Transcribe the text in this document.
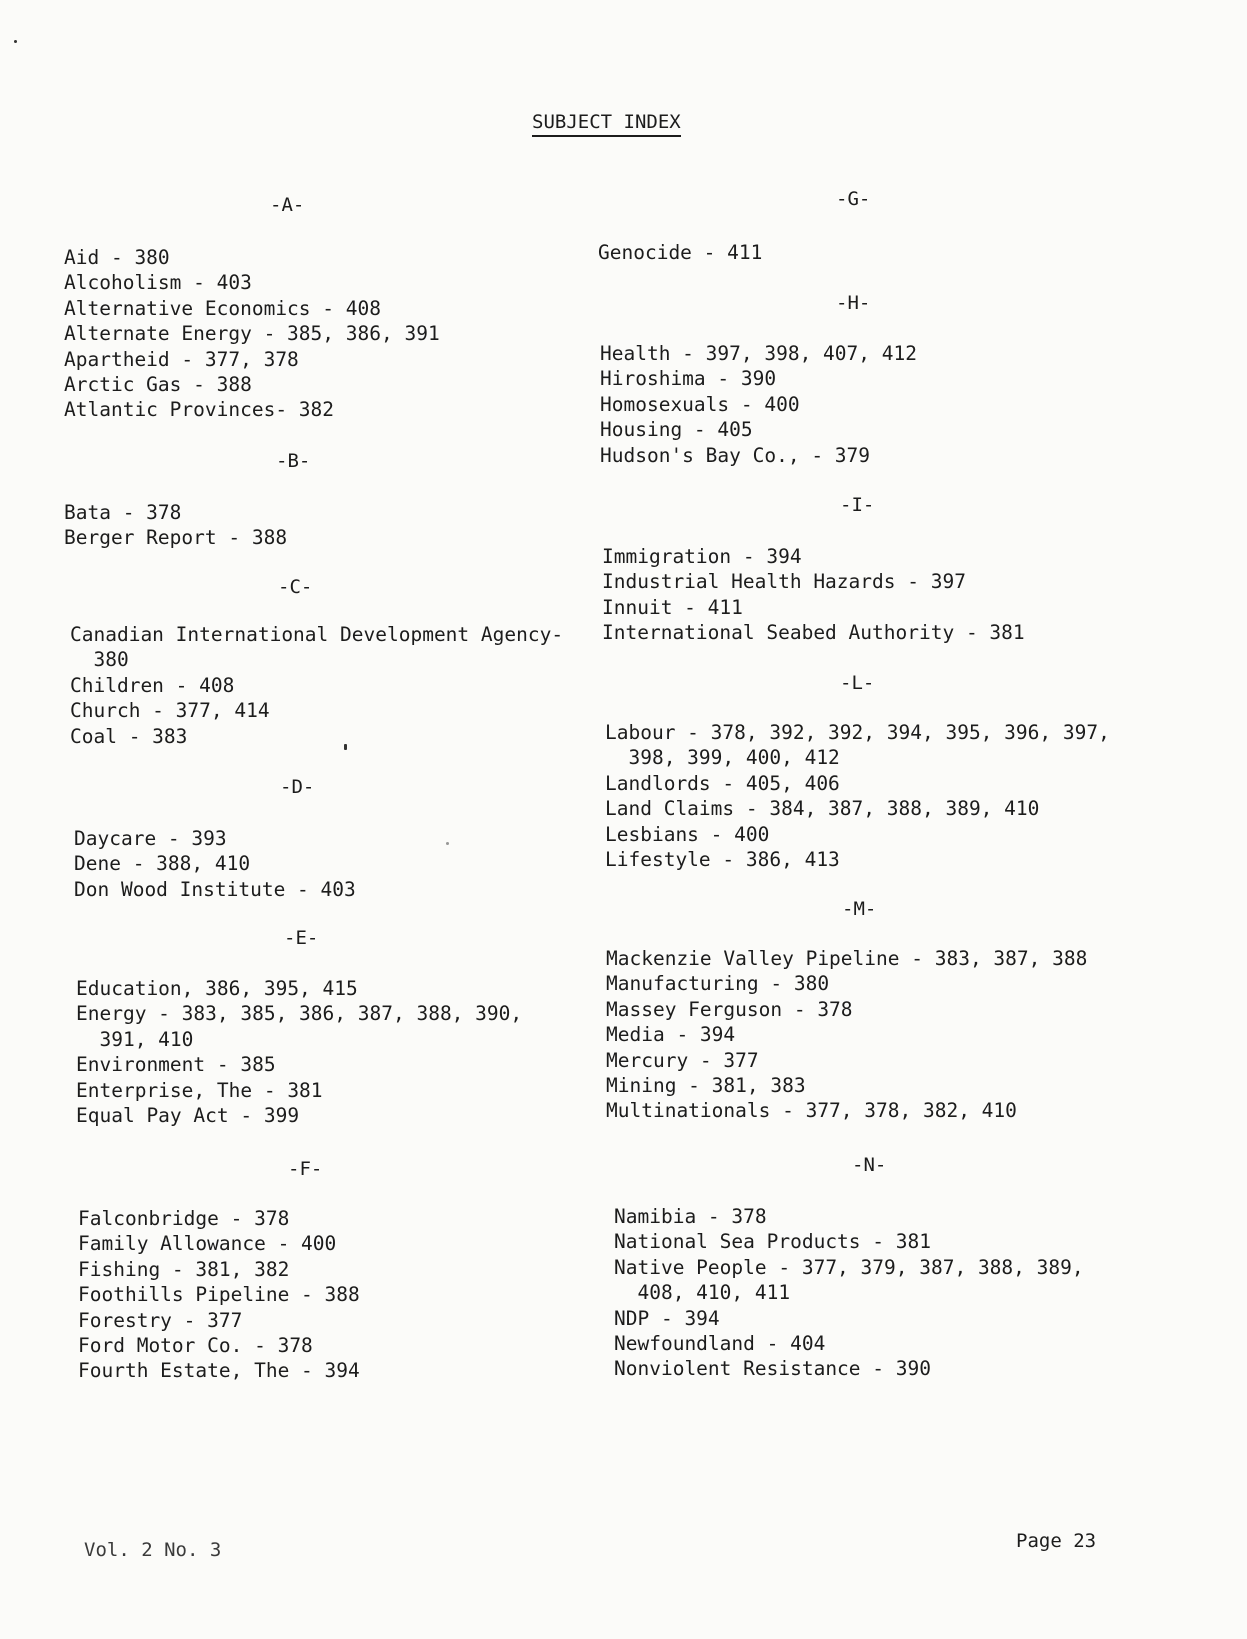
SUBJECT INDEX
-A-
Aid - 380
Alcoholism - 403
Alternative Economics - 408
Alternate Energy - 385, 386, 391
Apartheid - 377, 378
Arctic Gas - 388
Atlantic Provinces- 382
-B-
Bata - 378
Berger Report - 388
-C-
Canadian International Development Agency-
380
Children - 408
Church - 377, 414
Coal - 383
-D-
Daycare - 393
Dene - 388, 410
Don Wood Institute - 403
-E-
Education, 386, 395, 415
Energy - 383, 385, 386, 387, 388, 390,
391, 410
Environment - 385
Enterprise, The - 381
Equal Pay Act - 399
-F-
Falconbridge - 378
Family Allowance - 400
Fishing - 381, 382
Foothills Pipeline - 388
Forestry - 377
Ford Motor Co. - 378
Fourth Estate, The - 394
-G-
Genocide - 411
-H-
Health - 397, 398, 407, 412
Hiroshima - 390
Homosexuals - 400
Housing - 405
Hudson's Bay Co., - 379
-I-
Immigration - 394
Industrial Health Hazards - 397
Innuit - 411
International Seabed Authority - 381
-L-
Labour - 378, 392, 392, 394, 395, 396, 397,
398, 399, 400, 412
Landlords - 405, 406
Land Claims - 384, 387, 388, 389, 410
Lesbians - 400
Lifestyle - 386, 413
-M-
Mackenzie Valley Pipeline - 383, 387, 388
Manufacturing - 380
Massey Ferguson - 378
Media - 394
Mercury - 377
Mining - 381, 383
Multinationals - 377, 378, 382, 410
-N-
Namibia - 378
National Sea Products - 381
Native People - 377, 379, 387, 388, 389,
408, 410, 411
NDP - 394
Newfoundland - 404
Nonviolent Resistance - 390
Vol. 2 No. 3	Page 23
